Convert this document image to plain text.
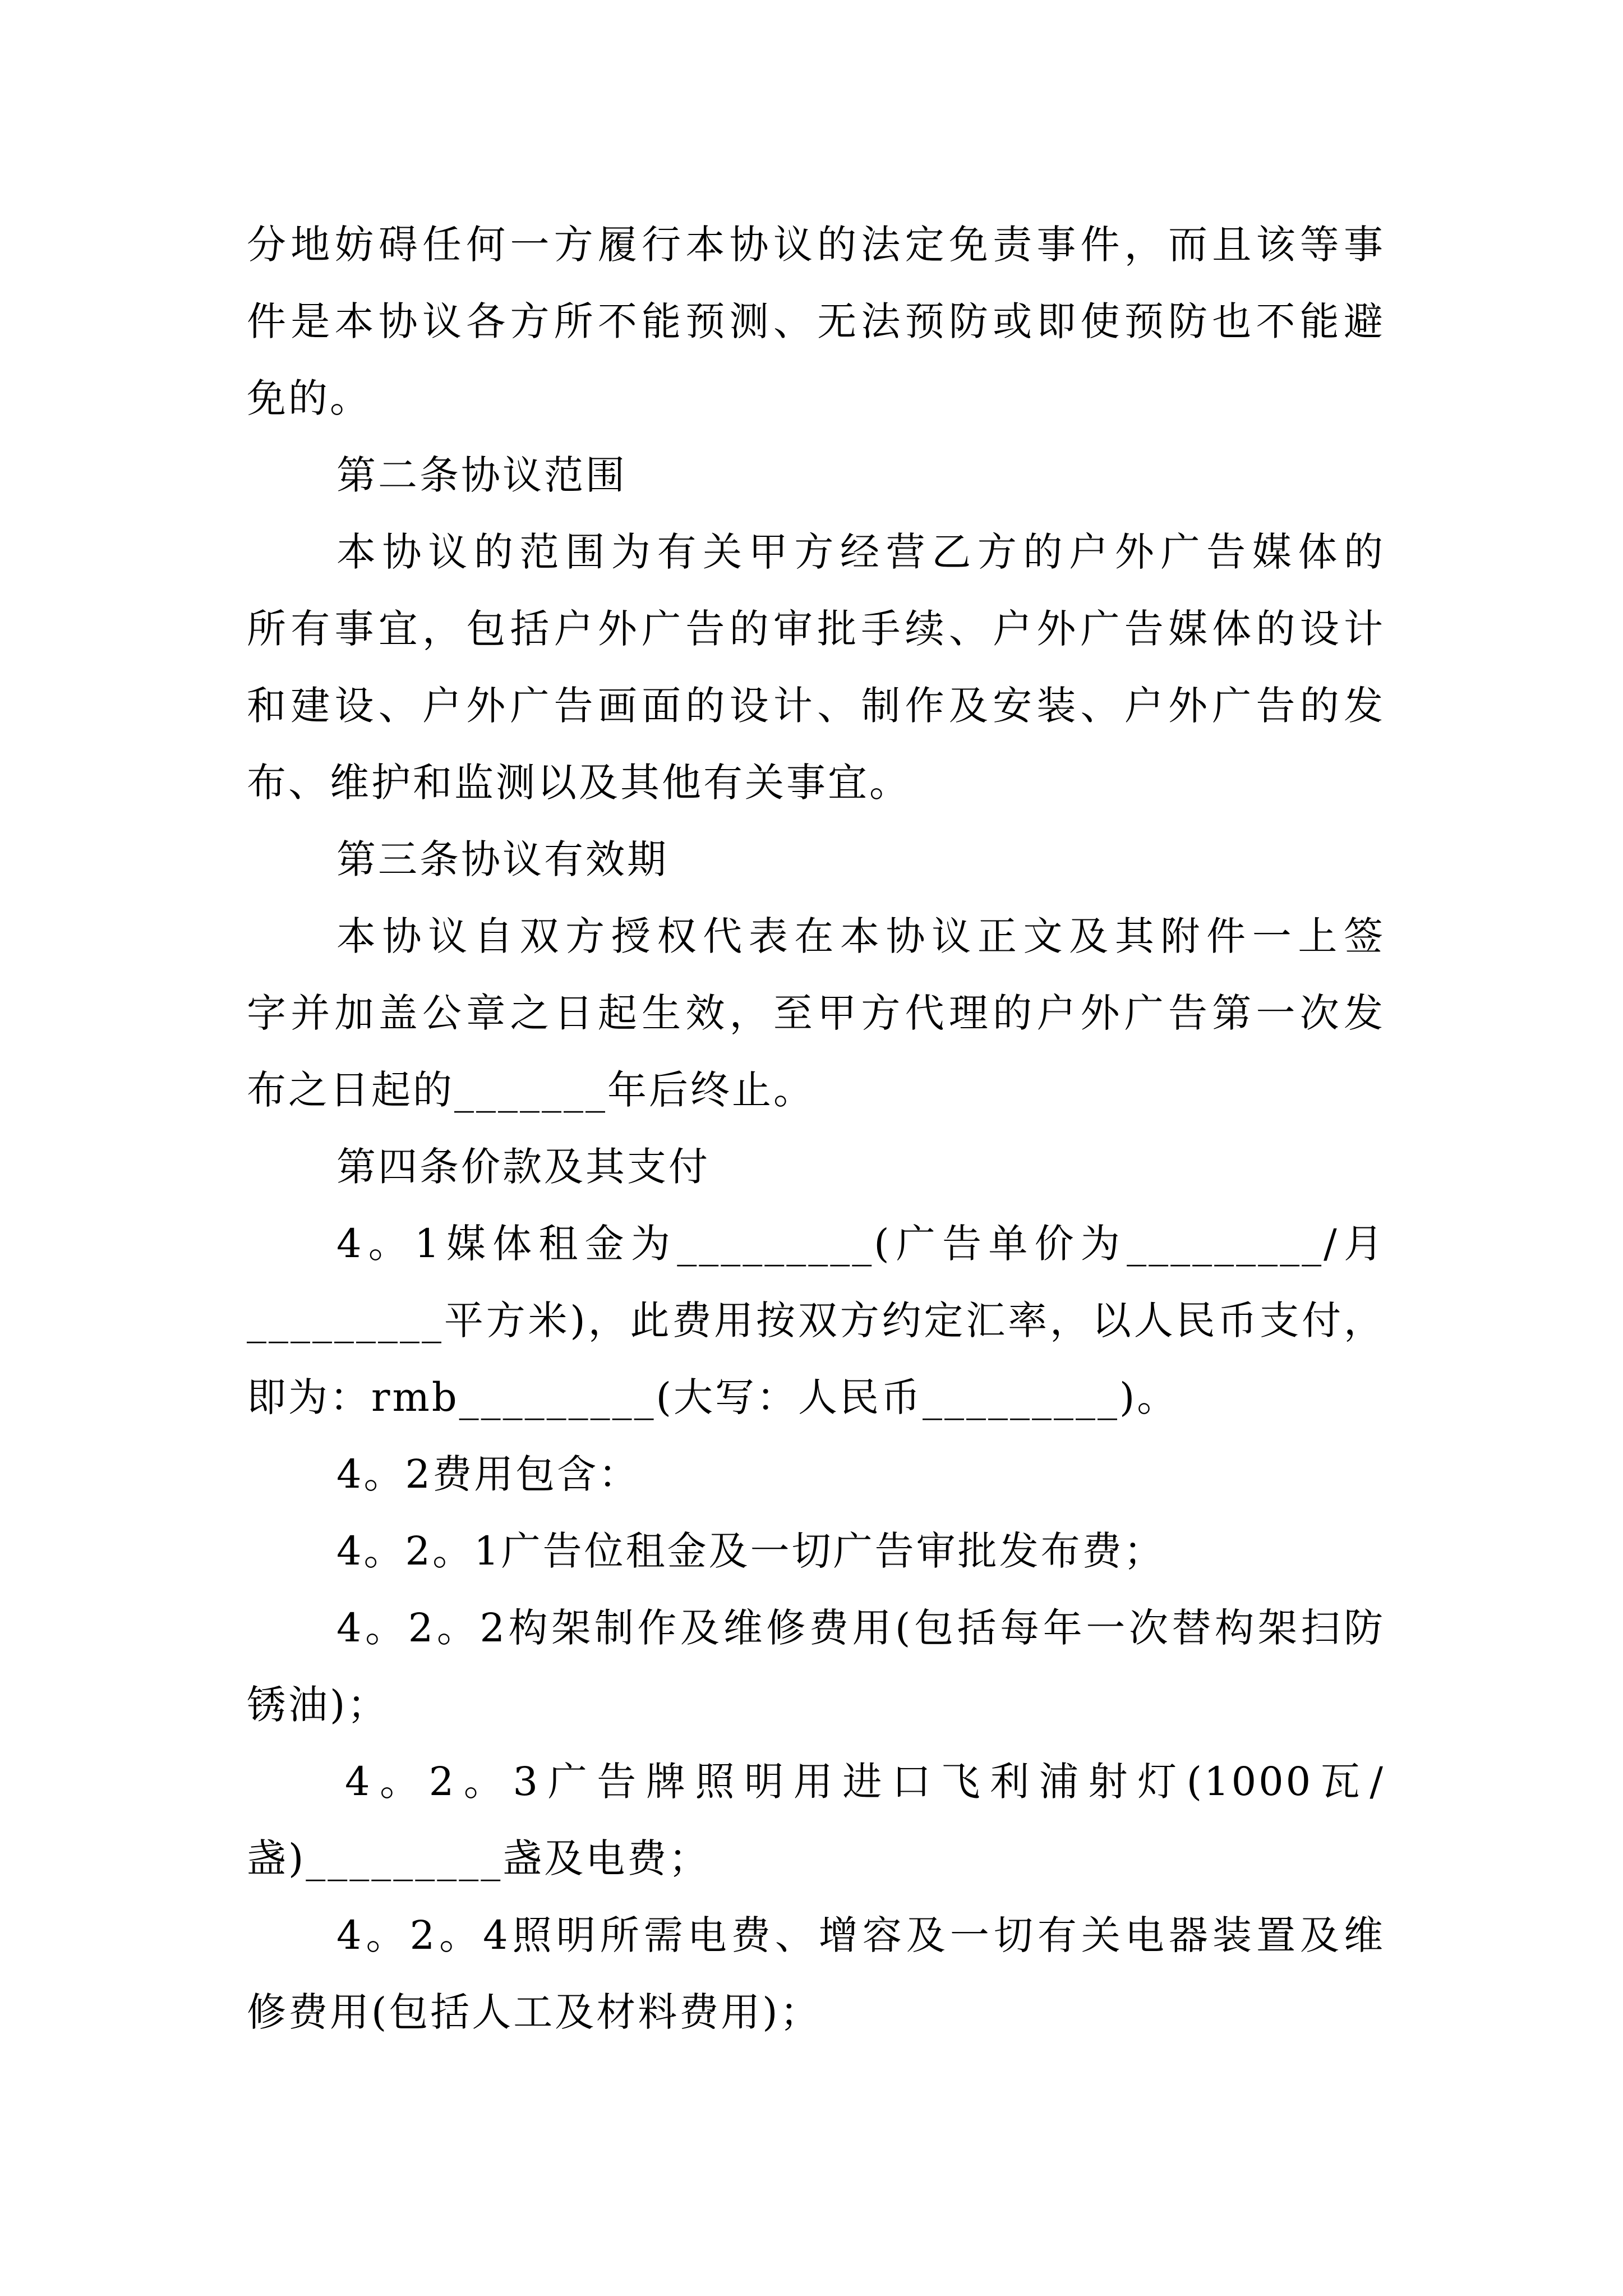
分地妨碍任何一方履行本协议的法定免责事件，而且该等事

件是本协议各方所不能预测、无法预防或即使预防也不能避

免的。

第二条协议范围

本协议的范围为有关甲方经营乙方的户外广告媒体的

所有事宜，包括户外广告的审批手续、户外广告媒体的设计

和建设、户外广告画面的设计、制作及安装、户外广告的发

布、维护和监测以及其他有关事宜。

第三条协议有效期

本协议自双方授权代表在本协议正文及其附件一上签

字并加盖公章之日起生效，至甲方代理的户外广告第一次发

布之日起的_______年后终止。

第四条价款及其支付

4。1媒体租金为_________(广告单价为_________/月

_________平方米)，此费用按双方约定汇率，以人民币支付，

即为：rmb_________(大写：人民币_________)。

4。2费用包含：

4。2。1广告位租金及一切广告审批发布费；

4。2。2构架制作及维修费用(包括每年一次替构架扫防

锈油)；

4。2。3广告牌照明用进口飞利浦射灯(1000瓦/

盏)_________盏及电费；

4。2。4照明所需电费、增容及一切有关电器装置及维

修费用(包括人工及材料费用)；
